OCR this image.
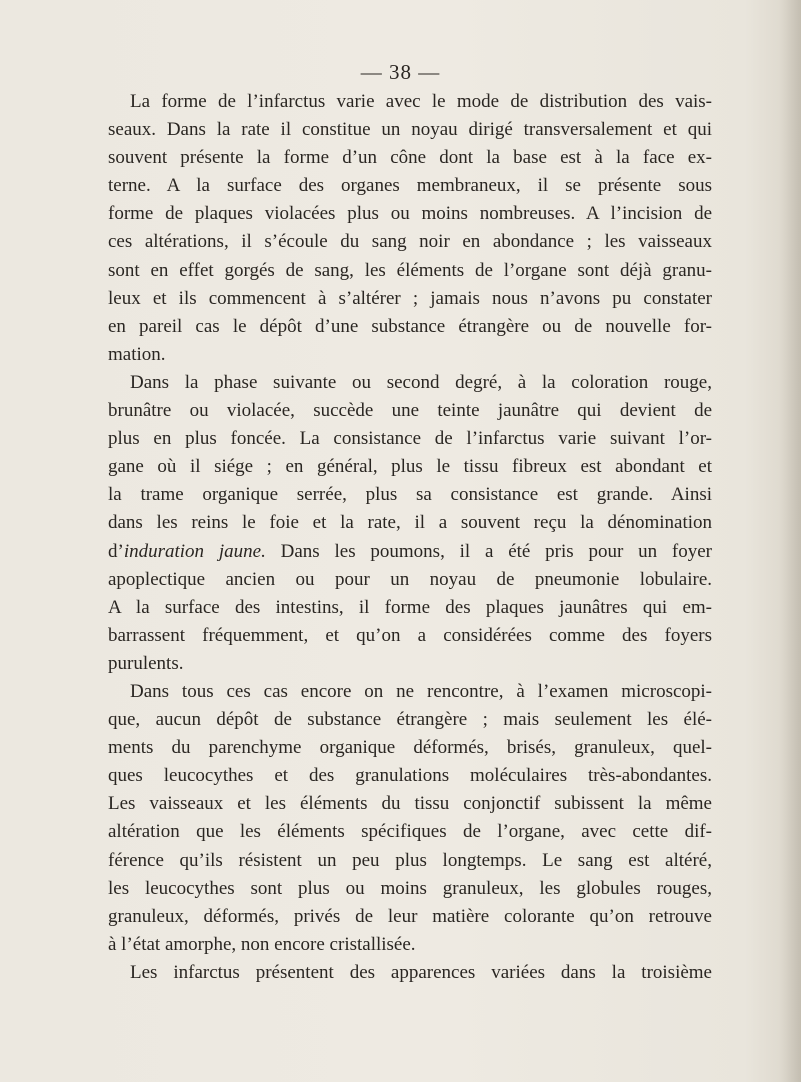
— 38 —
La forme de l’infarctus varie avec le mode de distribution des vais-
seaux. Dans la rate il constitue un noyau dirigé transversalement et qui
souvent présente la forme d’un cône dont la base est à la face ex-
terne. A la surface des organes membraneux, il se présente sous
forme de plaques violacées plus ou moins nombreuses. A l’incision de
ces altérations, il s’écoule du sang noir en abondance ; les vaisseaux
sont en effet gorgés de sang, les éléments de l’organe sont déjà granu-
leux et ils commencent à s’altérer ; jamais nous n’avons pu constater
en pareil cas le dépôt d’une substance étrangère ou de nouvelle for-
mation.
Dans la phase suivante ou second degré, à la coloration rouge,
brunâtre ou violacée, succède une teinte jaunâtre qui devient de
plus en plus foncée. La consistance de l’infarctus varie suivant l’or-
gane où il siége ; en général, plus le tissu fibreux est abondant et
la trame organique serrée, plus sa consistance est grande. Ainsi
dans les reins le foie et la rate, il a souvent reçu la dénomination
d’induration jaune. Dans les poumons, il a été pris pour un foyer
apoplectique ancien ou pour un noyau de pneumonie lobulaire.
A la surface des intestins, il forme des plaques jaunâtres qui em-
barrassent fréquemment, et qu’on a considérées comme des foyers
purulents.
Dans tous ces cas encore on ne rencontre, à l’examen microscopi-
que, aucun dépôt de substance étrangère ; mais seulement les élé-
ments du parenchyme organique déformés, brisés, granuleux, quel-
ques leucocythes et des granulations moléculaires très-abondantes.
Les vaisseaux et les éléments du tissu conjonctif subissent la même
altération que les éléments spécifiques de l’organe, avec cette dif-
férence qu’ils résistent un peu plus longtemps. Le sang est altéré,
les leucocythes sont plus ou moins granuleux, les globules rouges,
granuleux, déformés, privés de leur matière colorante qu’on retrouve
à l’état amorphe, non encore cristallisée.
Les infarctus présentent des apparences variées dans la troisième
